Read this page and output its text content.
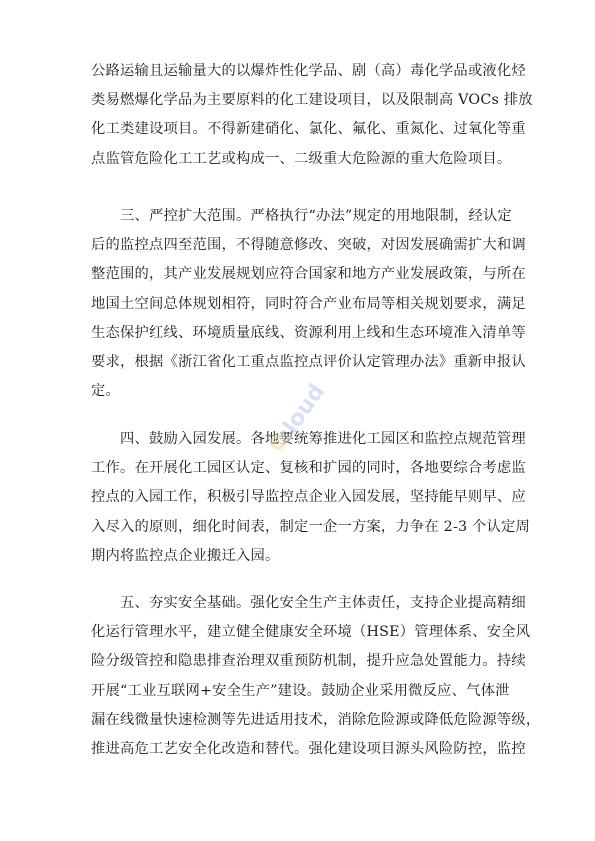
公路运输且运输量大的以爆炸性化学品、剧（高）毒化学品或液化烃
类易燃爆化学品为主要原料的化工建设项目，以及限制高 VOCs 排放
化工类建设项目。不得新建硝化、氯化、氟化、重氮化、过氧化等重
点监管危险化工工艺或构成一、二级重大危险源的重大危险项目。
三、严控扩大范围。严格执行“办法”规定的用地限制，经认定
后的监控点四至范围，不得随意修改、突破，对因发展确需扩大和调
整范围的，其产业发展规划应符合国家和地方产业发展政策，与所在
地国土空间总体规划相符，同时符合产业布局等相关规划要求，满足
生态保护红线、环境质量底线、资源利用上线和生态环境准入清单等
要求，根据《浙江省化工重点监控点评价认定管理办法》重新申报认
定。
四、鼓励入园发展。各地要统筹推进化工园区和监控点规范管理
工作。在开展化工园区认定、复核和扩园的同时，各地要综合考虑监
控点的入园工作，积极引导监控点企业入园发展，坚持能早则早、应
入尽入的原则，细化时间表，制定一企一方案，力争在 2-3 个认定周
期内将监控点企业搬迁入园。
五、夯实安全基础。强化安全生产主体责任，支持企业提高精细
化运行管理水平，建立健全健康安全环境（HSE）管理体系、安全风
险分级管控和隐患排查治理双重预防机制，提升应急处置能力。持续
开展“工业互联网+安全生产”建设。鼓励企业采用微反应、气体泄
漏在线微量快速检测等先进适用技术，消除危险源或降低危险源等级，
推进高危工艺安全化改造和替代。强化建设项目源头风险防控，监控
cloud
